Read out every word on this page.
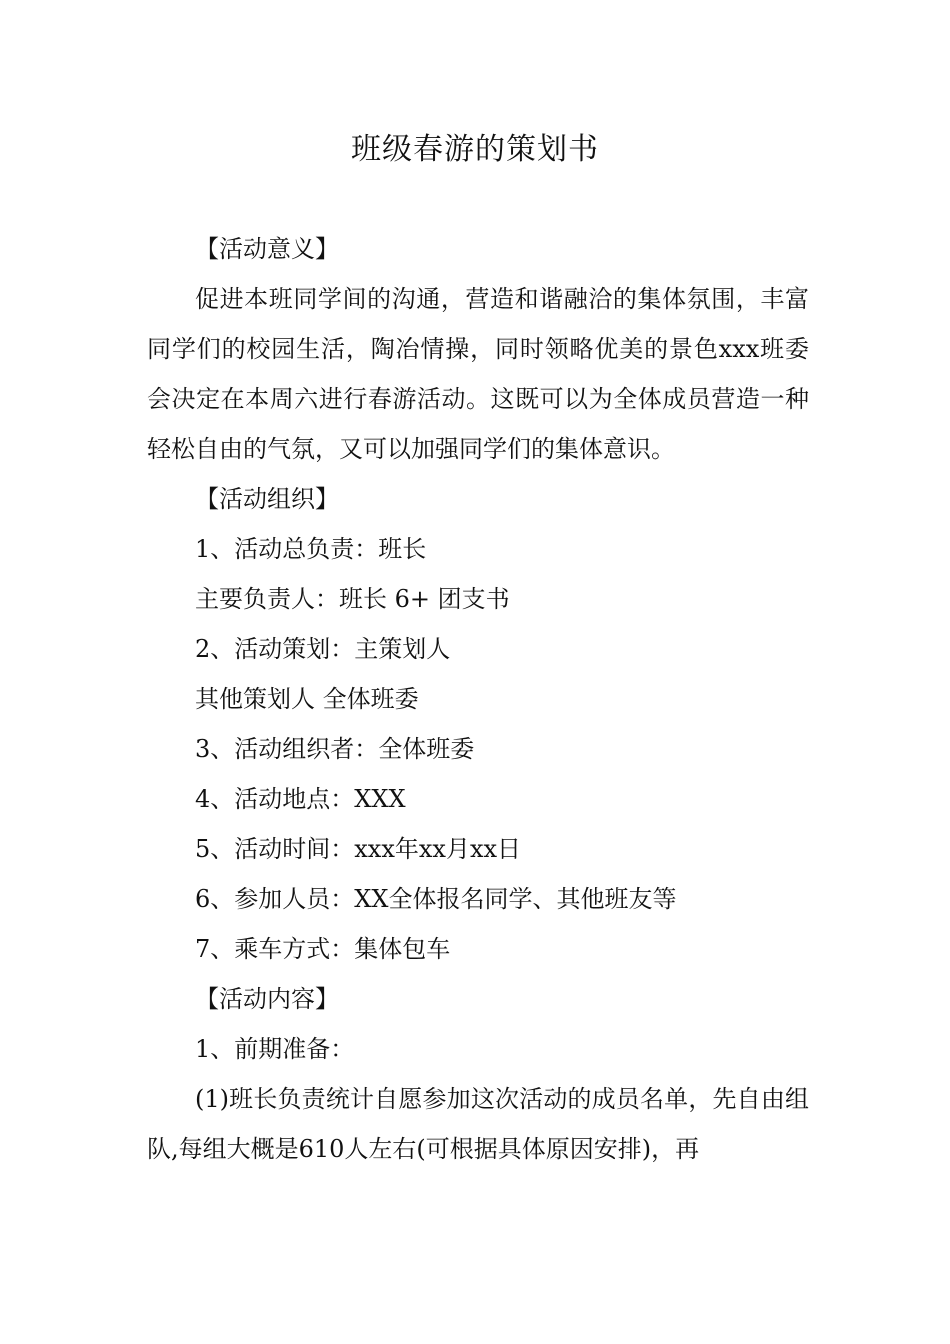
班级春游的策划书

【活动意义】

促进本班同学间的沟通，营造和谐融洽的集体氛围，丰富同学们的校园生活，陶冶情操，同时领略优美的景色xxx班委会决定在本周六进行春游活动。这既可以为全体成员营造一种轻松自由的气氛，又可以加强同学们的集体意识。

【活动组织】

1、活动总负责：班长

主要负责人：班长 6+ 团支书

2、活动策划：主策划人

其他策划人 全体班委

3、活动组织者：全体班委

4、活动地点：XXX

5、活动时间：xxx年xx月xx日

6、参加人员：XX全体报名同学、其他班友等

7、乘车方式：集体包车

【活动内容】

1、前期准备：

(1)班长负责统计自愿参加这次活动的成员名单，先自由组队,每组大概是610人左右(可根据具体原因安排)，再
